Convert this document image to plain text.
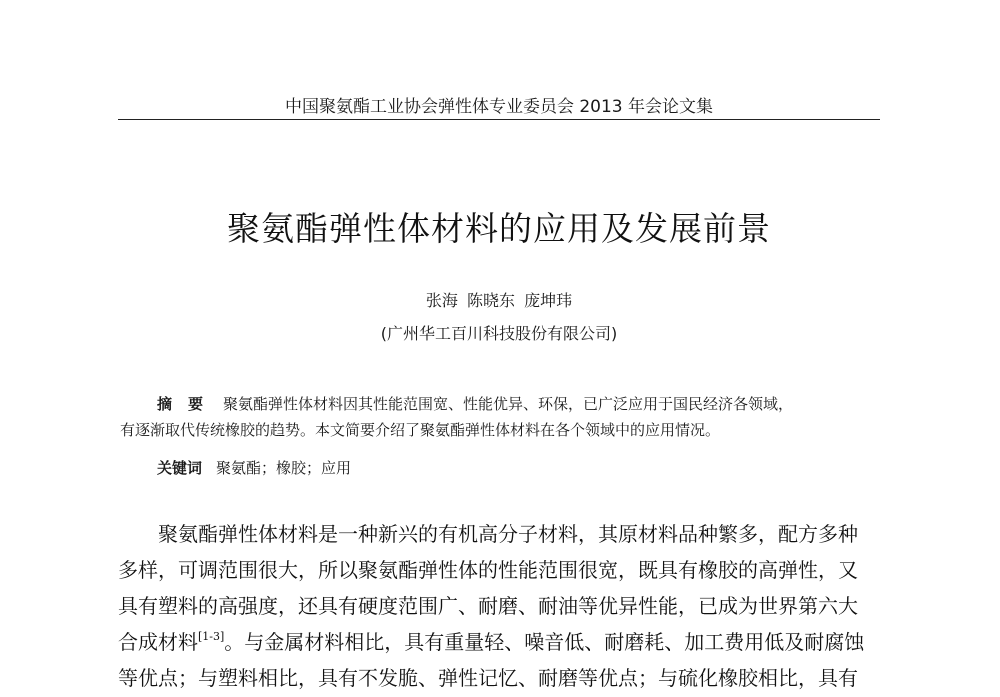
中国聚氨酯工业协会弹性体专业委员会 2013 年会论文集
聚氨酯弹性体材料的应用及发展前景
张海 陈晓东 庞坤玮
(广州华工百川科技股份有限公司)
摘要 聚氨酯弹性体材料因其性能范围宽、性能优异、环保，已广泛应用于国民经济各领域，
有逐渐取代传统橡胶的趋势。本文简要介绍了聚氨酯弹性体材料在各个领域中的应用情况。
关键词 聚氨酯；橡胶；应用
聚氨酯弹性体材料是一种新兴的有机高分子材料，其原材料品种繁多，配方多种
多样，可调范围很大，所以聚氨酯弹性体的性能范围很宽，既具有橡胶的高弹性，又
具有塑料的高强度，还具有硬度范围广、耐磨、耐油等优异性能，已成为世界第六大
合成材料[1-3]。与金属材料相比，具有重量轻、噪音低、耐磨耗、加工费用低及耐腐蚀
等优点；与塑料相比，具有不发脆、弹性记忆、耐磨等优点；与硫化橡胶相比，具有
